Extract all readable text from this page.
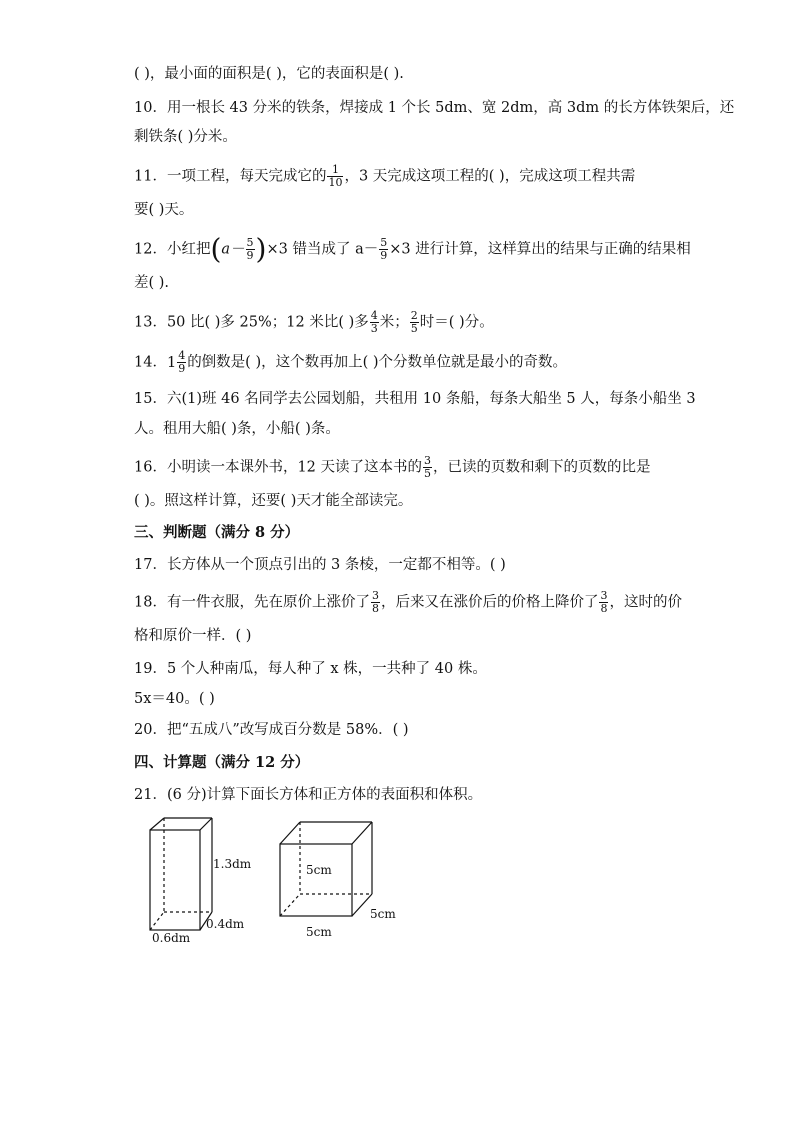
( )，最小面的面积是( )，它的表面积是( ).
10．用一根长 43 分米的铁条，焊接成 1 个长 5dm、宽 2dm，高 3dm 的长方体铁架后，还
剩铁条( )分米。
11．一项工程，每天完成它的 $\frac{1}{10}$ ，3 天完成这项工程的( )，完成这项工程共需
要( )天。
12．小红把$(a- \frac{5}{9} )\times 3$ 错当成了 $a- \frac{5}{9} \times 3$ 进行计算，这样算出的结果与正确的结果相
差( ).
13．50 比( )多 25%；12 米比( )多 $\frac{4}{3}$ 米； $\frac{2}{5}$ 时＝( )分。
14． $1 \frac{4}{9}$ 的倒数是( )，这个数再加上( )个分数单位就是最小的奇数。
15．六(1)班 46 名同学去公园划船，共租用 10 条船，每条大船坐 5 人，每条小船坐 3
人。租用大船( )条，小船( )条。
16．小明读一本课外书，12 天读了这本书的 $\frac{3}{5}$ ，已读的页数和剩下的页数的比是
( )。照这样计算，还要( )天才能全部读完。
三、判断题（满分 8 分）
17．长方体从一个顶点引出的 3 条棱，一定都不相等。( )
18．有一件衣服，先在原价上涨价了 $\frac{3}{8}$ ，后来又在涨价后的价格上降价了 $\frac{3}{8}$ ，这时的价
格和原价一样．( )
19．5 个人种南瓜，每人种了 x 株，一共种了 40 株。
5x＝40。( )
20．把“五成八”改写成百分数是 58%．( )
四、计算题（满分 12 分）
21．(6 分)计算下面长方体和正方体的表面积和体积。
1.3dm
0.4dm
0.6dm
5cm
5cm
5cm
